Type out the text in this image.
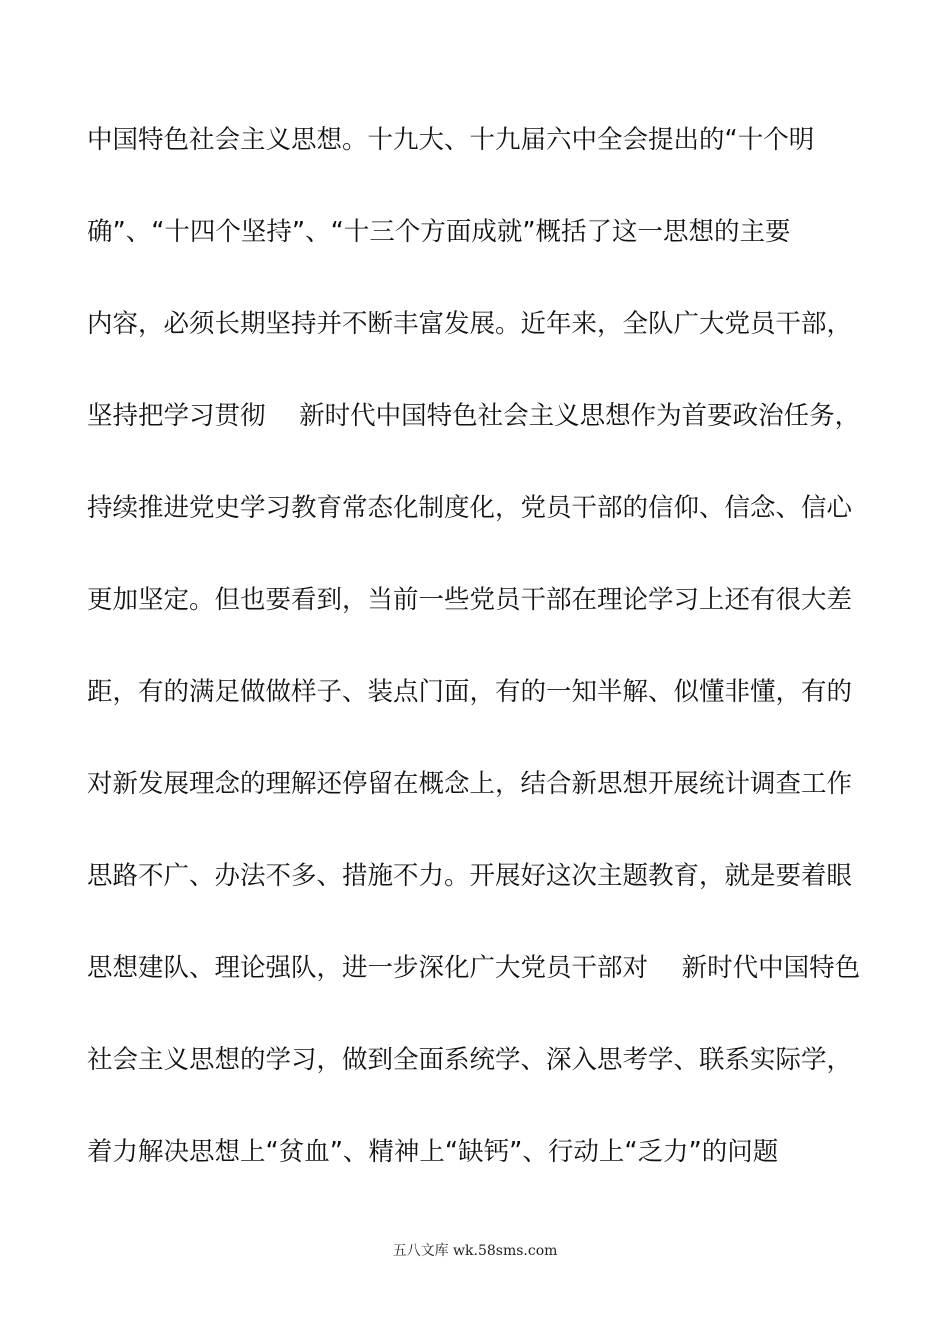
中国特色社会主义思想。十九大、十九届六中全会提出的“十个明
确”、“十四个坚持”、“十三个方面成就”概括了这一思想的主要
内容，必须长期坚持并不断丰富发展。近年来，全队广大党员干部，
坚持把学习贯彻　 新时代中国特色社会主义思想作为首要政治任务，
持续推进党史学习教育常态化制度化，党员干部的信仰、信念、信心
更加坚定。但也要看到，当前一些党员干部在理论学习上还有很大差
距，有的满足做做样子、装点门面，有的一知半解、似懂非懂，有的
对新发展理念的理解还停留在概念上，结合新思想开展统计调查工作
思路不广、办法不多、措施不力。开展好这次主题教育，就是要着眼
思想建队、理论强队，进一步深化广大党员干部对　 新时代中国特色
社会主义思想的学习，做到全面系统学、深入思考学、联系实际学，
着力解决思想上“贫血”、精神上“缺钙”、行动上“乏力”的问题
五八文库 wk.58sms.com
